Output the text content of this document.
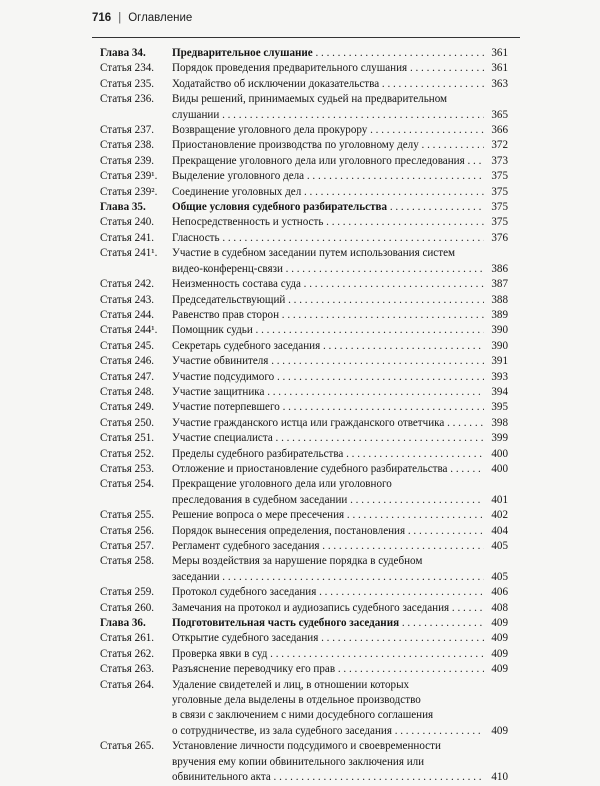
716 | Оглавление
Глава 34.	Предварительное слушание . . .	361
Статья 234.	Порядок проведения предварительного слушания . . .	361
Статья 235.	Ходатайство об исключении доказательства . . .	363
Статья 236.	Виды решений, принимаемых судьей на предварительном
слушании . . .	365
Статья 237.	Возвращение уголовного дела прокурору . . .	366
Статья 238.	Приостановление производства по уголовному делу . . .	372
Статья 239.	Прекращение уголовного дела или уголовного преследования . . .	373
Статья 239¹.	Выделение уголовного дела . . .	375
Статья 239².	Соединение уголовных дел . . .	375
Глава 35.	Общие условия судебного разбирательства . . .	375
Статья 240.	Непосредственность и устность . . .	375
Статья 241.	Гласность . . .	376
Статья 241¹.	Участие в судебном заседании путем использования систем
видео-конференц-связи . . .	386
Статья 242.	Неизменность состава суда . . .	387
Статья 243.	Председательствующий . . .	388
Статья 244.	Равенство прав сторон . . .	389
Статья 244¹.	Помощник судьи . . .	390
Статья 245.	Секретарь судебного заседания . . .	390
Статья 246.	Участие обвинителя . . .	391
Статья 247.	Участие подсудимого . . .	393
Статья 248.	Участие защитника . . .	394
Статья 249.	Участие потерпевшего . . .	395
Статья 250.	Участие гражданского истца или гражданского ответчика . . .	398
Статья 251.	Участие специалиста . . .	399
Статья 252.	Пределы судебного разбирательства . . .	400
Статья 253.	Отложение и приостановление судебного разбирательства . . .	400
Статья 254.	Прекращение уголовного дела или уголовного
преследования в судебном заседании . . .	401
Статья 255.	Решение вопроса о мере пресечения . . .	402
Статья 256.	Порядок вынесения определения, постановления . . .	404
Статья 257.	Регламент судебного заседания . . .	405
Статья 258.	Меры воздействия за нарушение порядка в судебном
заседании . . .	405
Статья 259.	Протокол судебного заседания . . .	406
Статья 260.	Замечания на протокол и аудиозапись судебного заседания . . .	408
Глава 36.	Подготовительная часть судебного заседания . . .	409
Статья 261.	Открытие судебного заседания . . .	409
Статья 262.	Проверка явки в суд . . .	409
Статья 263.	Разъяснение переводчику его прав . . .	409
Статья 264.	Удаление свидетелей и лиц, в отношении которых
уголовные дела выделены в отдельное производство
в связи с заключением с ними досудебного соглашения
о сотрудничестве, из зала судебного заседания . . .	409
Статья 265.	Установление личности подсудимого и своевременности
вручения ему копии обвинительного заключения или
обвинительного акта . . .	410
